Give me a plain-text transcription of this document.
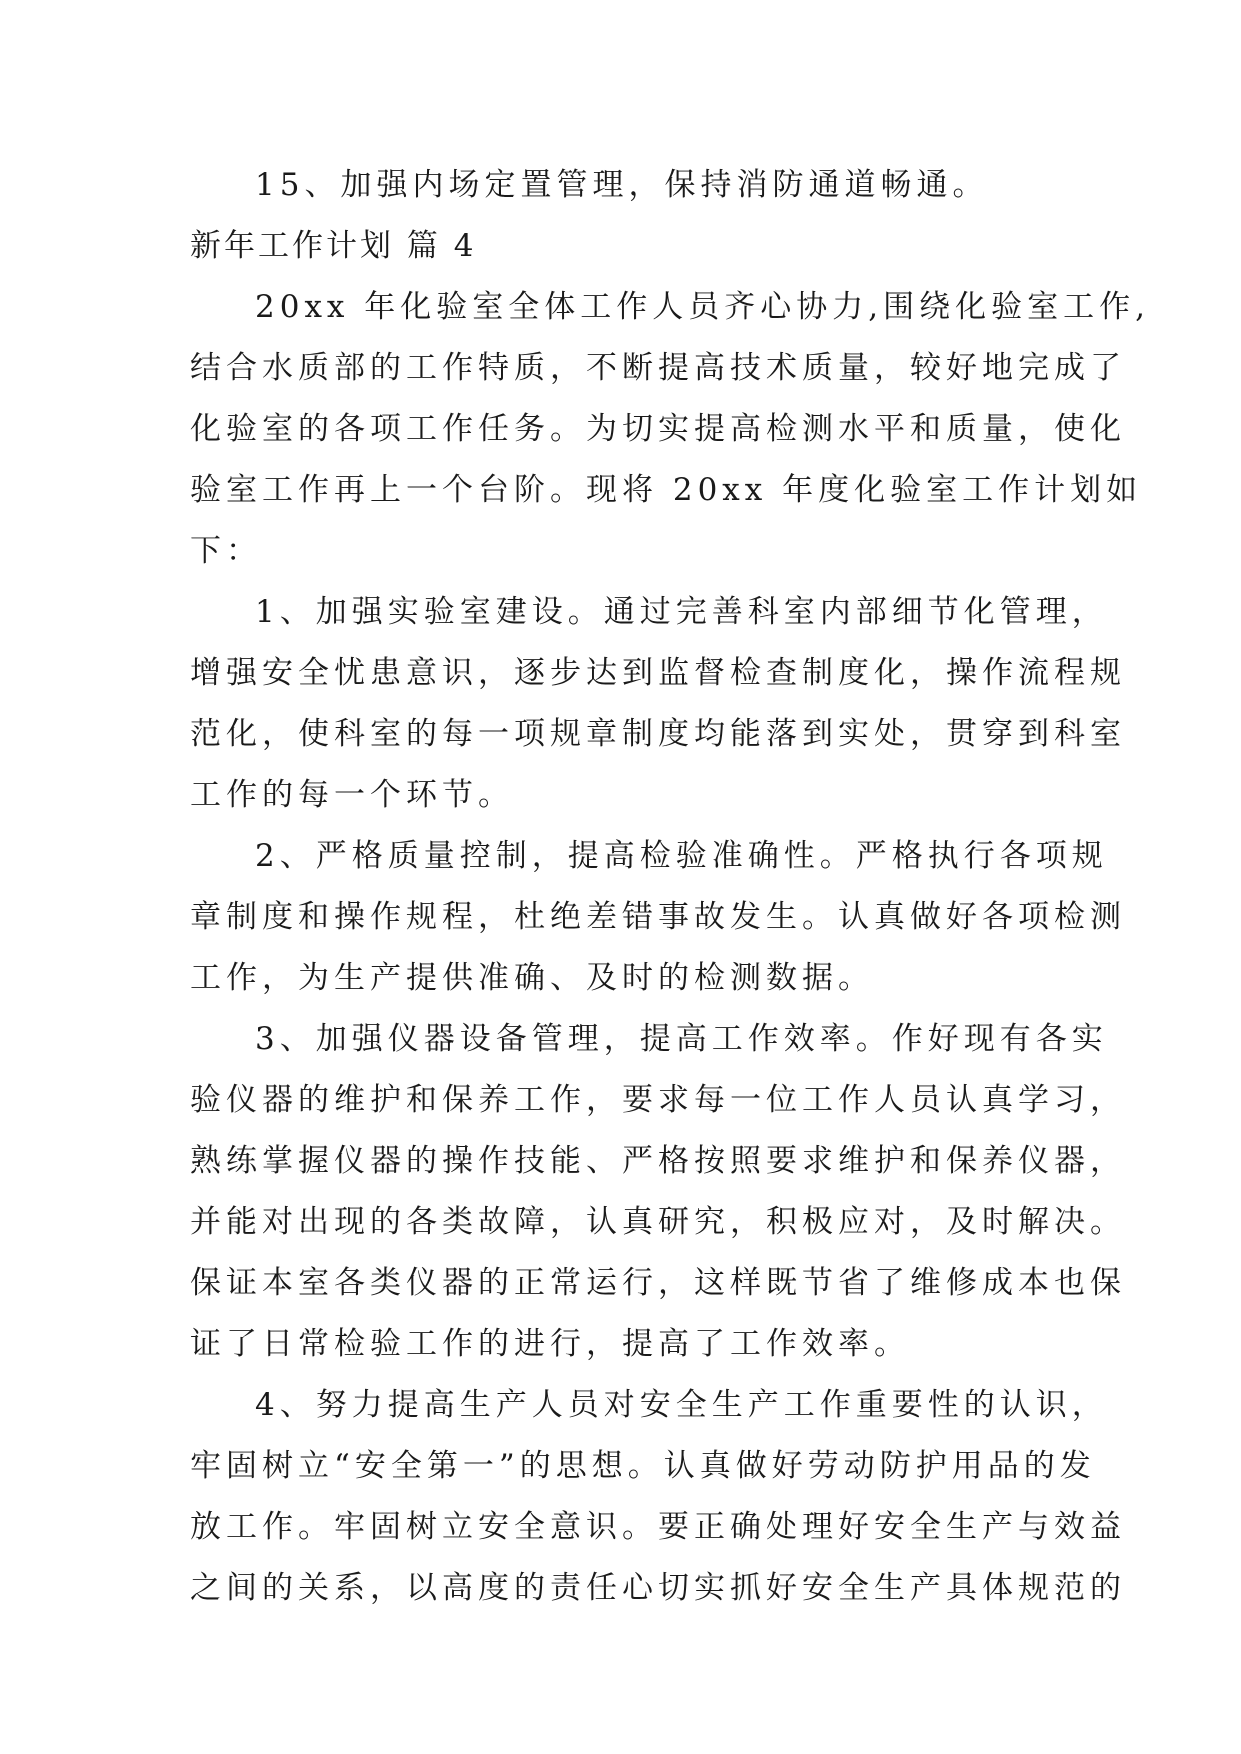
15、加强内场定置管理，保持消防通道畅通。
新年工作计划 篇 4
20xx 年化验室全体工作人员齐心协力,围绕化验室工作,
结合水质部的工作特质，不断提高技术质量，较好地完成了
化验室的各项工作任务。为切实提高检测水平和质量，使化
验室工作再上一个台阶。现将 20xx 年度化验室工作计划如
下：
1、加强实验室建设。通过完善科室内部细节化管理，
增强安全忧患意识，逐步达到监督检查制度化，操作流程规
范化，使科室的每一项规章制度均能落到实处，贯穿到科室
工作的每一个环节。
2、严格质量控制，提高检验准确性。严格执行各项规
章制度和操作规程，杜绝差错事故发生。认真做好各项检测
工作，为生产提供准确、及时的检测数据。
3、加强仪器设备管理，提高工作效率。作好现有各实
验仪器的维护和保养工作，要求每一位工作人员认真学习，
熟练掌握仪器的操作技能、严格按照要求维护和保养仪器，
并能对出现的各类故障，认真研究，积极应对，及时解决。
保证本室各类仪器的正常运行，这样既节省了维修成本也保
证了日常检验工作的进行，提高了工作效率。
4、努力提高生产人员对安全生产工作重要性的认识，
牢固树立“安全第一”的思想。认真做好劳动防护用品的发
放工作。牢固树立安全意识。要正确处理好安全生产与效益
之间的关系，以高度的责任心切实抓好安全生产具体规范的
